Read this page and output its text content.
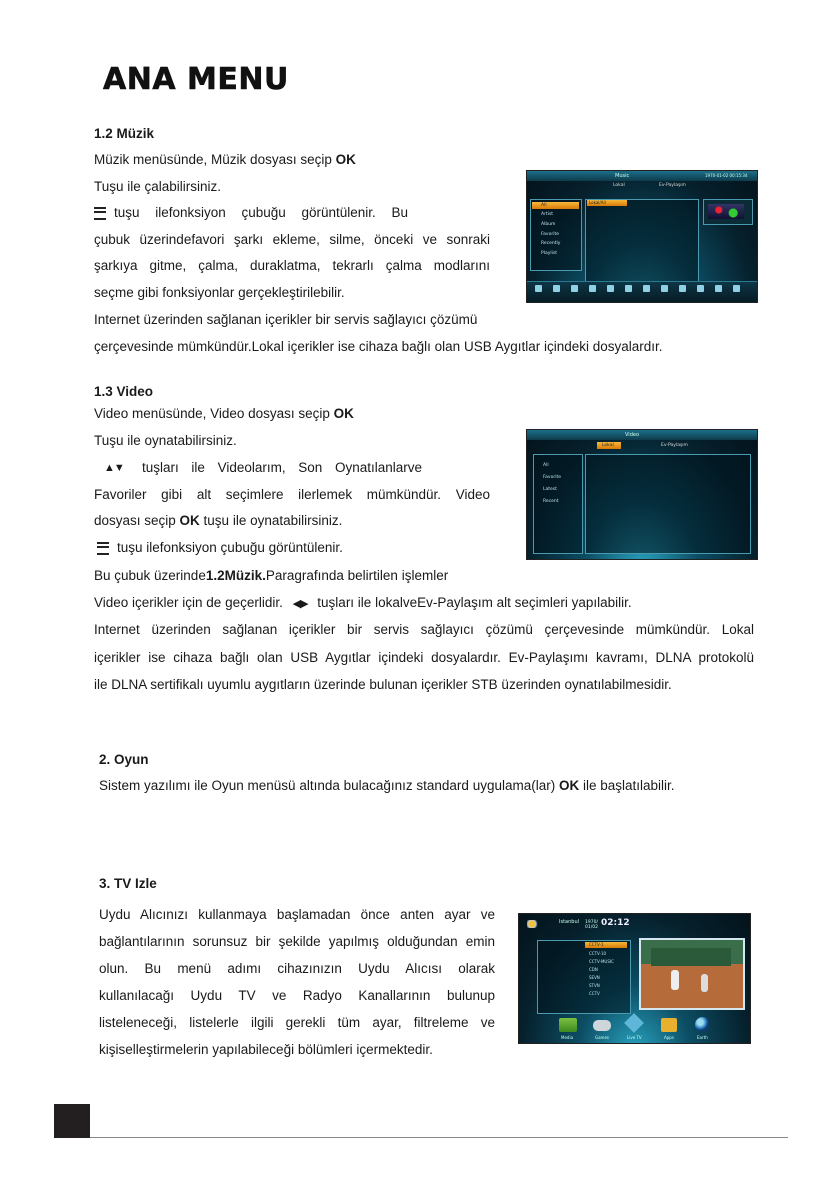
ANA MENU
1.2 Müzik
Müzik menüsünde, Müzik dosyası seçip OK
Tuşu ile çalabilirsiniz.
tuşu ilefonksiyon çubuğu görüntülenir. Bu
çubuk üzerindefavori şarkı ekleme, silme, önceki ve sonraki
şarkıya gitme, çalma, duraklatma, tekrarlı çalma modlarını
seçme gibi fonksiyonlar gerçekleştirilebilir.
Internet üzerinden sağlanan içerikler bir servis sağlayıcı çözümü
çerçevesinde mümkündür.Lokal içerikler ise cihaza bağlı olan USB Aygıtlar içindeki dosyalardır.
Music	1970-01-02 00:15:34
Lokal	Ev-Paylaşım
All
Artist
Album
Favorite
Recently
Playlist
Lokal/All
1.3 Video
Video menüsünde, Video dosyası seçip OK
Tuşu ile oynatabilirsiniz.
▲▼ tuşları ile Videolarım, Son Oynatılanlarve
Favoriler gibi alt seçimlere ilerlemek mümkündür. Video
dosyası seçip OK tuşu ile oynatabilirsiniz.
tuşu ilefonksiyon çubuğu görüntülenir.
Bu çubuk üzerinde1.2Müzik.Paragrafında belirtilen işlemler
Video içerikler için de geçerlidir. ◀▶ tuşları ile lokalveEv-Paylaşım alt seçimleri yapılabilir.
Internet üzerinden sağlanan içerikler bir servis sağlayıcı çözümü çerçevesinde mümkündür. Lokal
içerikler ise cihaza bağlı olan USB Aygıtlar içindeki dosyalardır. Ev-Paylaşımı kavramı, DLNA protokolü
ile DLNA sertifikalı uyumlu aygıtların üzerinde bulunan içerikler STB üzerinden oynatılabilmesidir.
Video
Lokal	Ev-Paylaşım
All
Favorite
Latest
Recent
2. Oyun
Sistem yazılımı ile Oyun menüsü altında bulacağınız standard uygulama(lar) OK ile başlatılabilir.
3. TV Izle
Uydu Alıcınızı kullanmaya başlamadan önce anten ayar ve
bağlantılarının sorunsuz bir şekilde yapılmış olduğundan emin
olun. Bu menü adımı cihazınızın Uydu Alıcısı olarak
kullanılacağı Uydu TV ve Radyo Kanallarının bulunup
listeleneceği, listelerle ilgili gerekli tüm ayar, filtreleme ve
kişiselleştirmelerin yapılabileceği bölümleri içermektedir.
Istanbul 1970/ 01/02 02:12
CCTV-1
CCTV-10
CCTV-MUSIC
CDN
SEVN
STVN
CCTV
Media	Games	Live TV	Apps	Earth
